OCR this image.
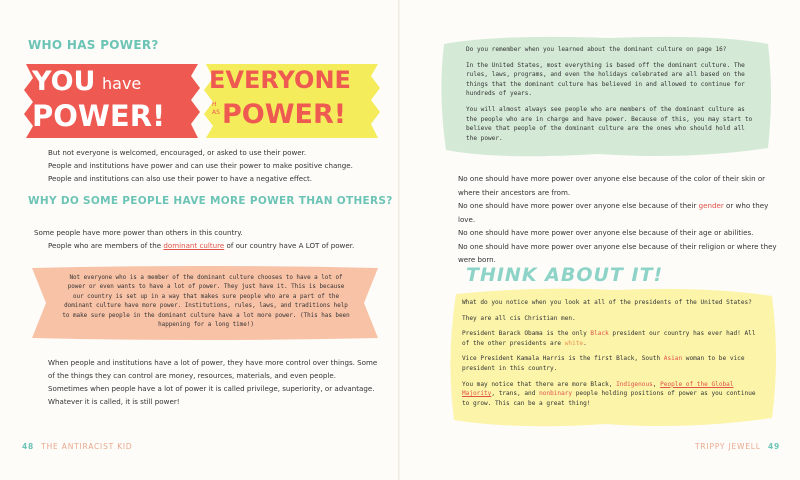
WHO HAS POWER?
YOU have
POWER!
EVERYONE
HAS POWER!

But not everyone is welcomed, encouraged, or asked to use their power.

People and institutions have power and can use their power to make positive change.

People and institutions can also use their power to have a negative effect.

WHY DO SOME PEOPLE HAVE MORE POWER THAN OTHERS?

Some people have more power than others in this country.

People who are members of the dominant culture of our country have A LOT of power.

Not everyone who is a member of the dominant culture chooses to have a lot of power or even wants to have a lot of power. They just have it. This is because our country is set up in a way that makes sure people who are a part of the dominant culture have more power. Institutions, rules, laws, and traditions help to make sure people in the dominant culture have a lot more power. (This has been happening for a long time!)

When people and institutions have a lot of power, they have more control over things. Some of the things they can control are money, resources, materials, and even people.

Sometimes when people have a lot of power it is called privilege, superiority, or advantage. Whatever it is called, it is still power!

48 THE ANTIRACIST KID

Do you remember when you learned about the dominant culture on page 16?

In the United States, most everything is based off the dominant culture. The rules, laws, programs, and even the holidays celebrated are all based on the things that the dominant culture has believed in and allowed to continue for hundreds of years.

You will almost always see people who are members of the dominant culture as the people who are in charge and have power. Because of this, you may start to believe that people of the dominant culture are the ones who should hold all the power.

No one should have more power over anyone else because of the color of their skin or where their ancestors are from.

No one should have more power over anyone else because of their gender or who they love.

No one should have more power over anyone else because of their age or abilities.

No one should have more power over anyone else because of their religion or where they were born.

THINK ABOUT IT!

What do you notice when you look at all of the presidents of the United States?

They are all cis Christian men.

President Barack Obama is the only Black president our country has ever had! All of the other presidents are white.

Vice President Kamala Harris is the first Black, South Asian woman to be vice president in this country.

You may notice that there are more Black, Indigenous, People of the Global Majority, trans, and nonbinary people holding positions of power as you continue to grow. This can be a great thing!

TRIPPY JEWELL 49
